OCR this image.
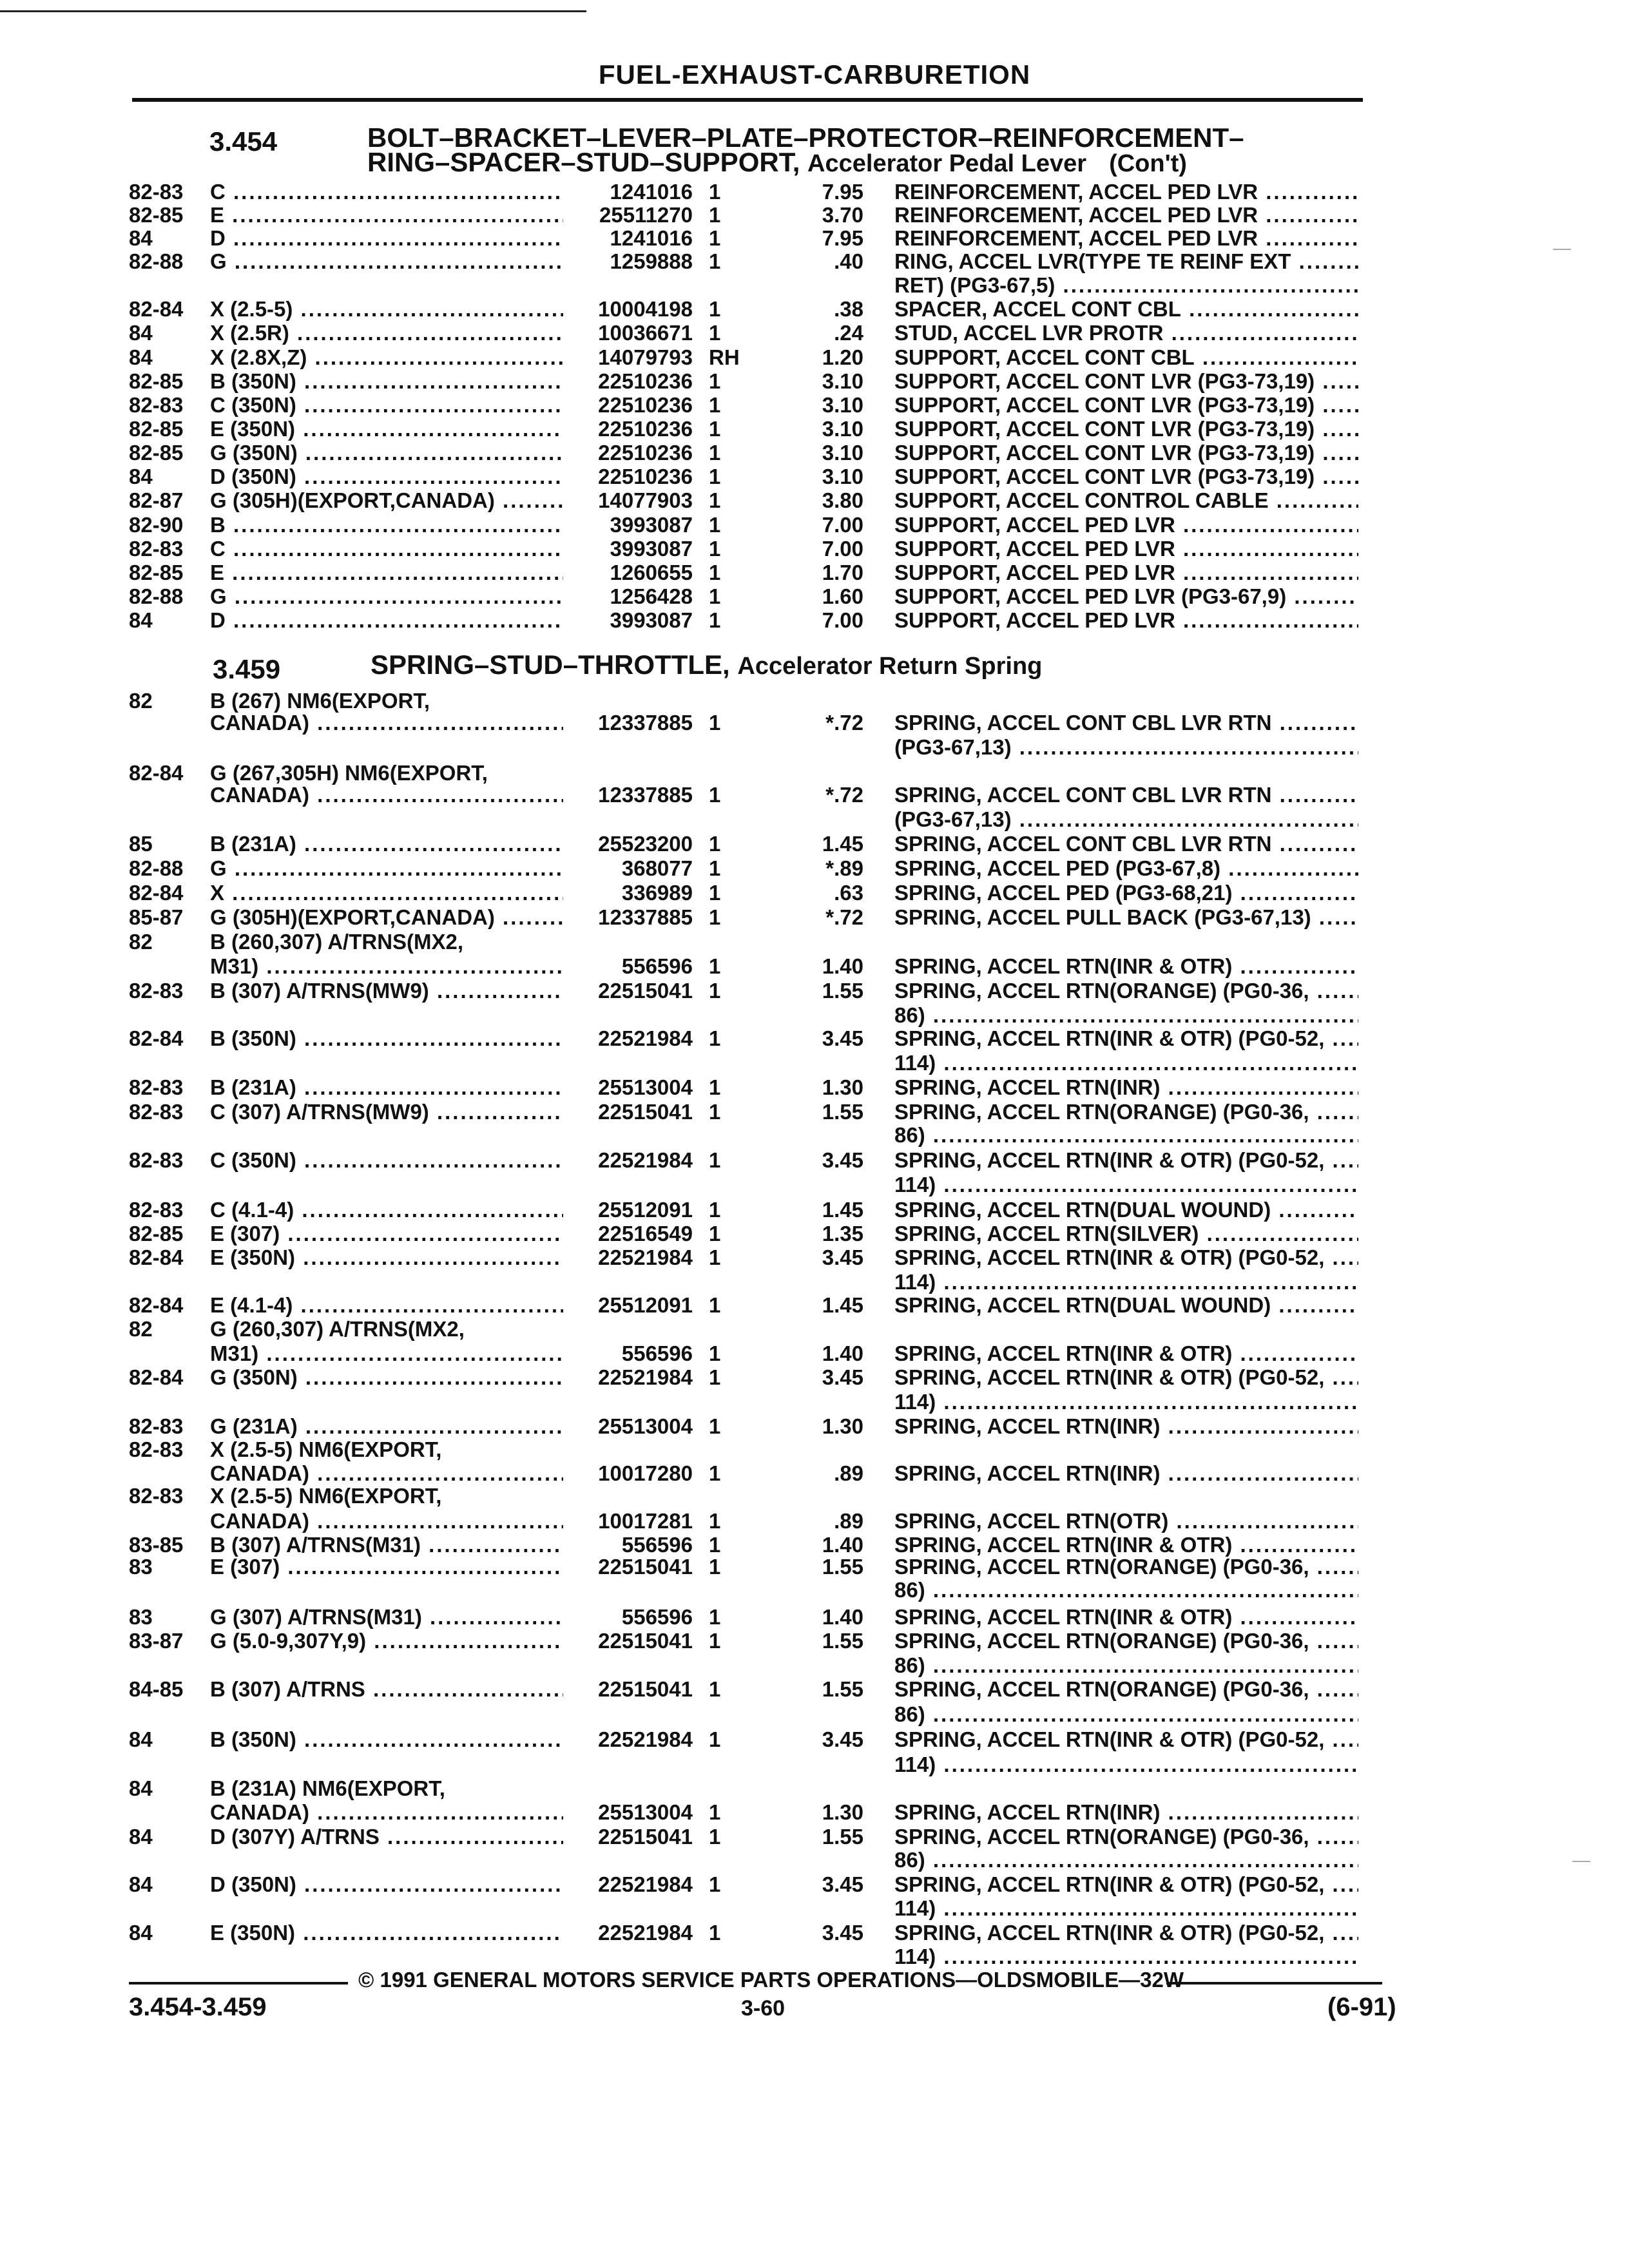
FUEL-EXHAUST-CARBURETION
3.454	BOLT–BRACKET–LEVER–PLATE–PROTECTOR–REINFORCEMENT–
RING–SPACER–STUD–SUPPORT, Accelerator Pedal Lever (Con't)
3.459	SPRING–STUD–THROTTLE, Accelerator Return Spring
82-83 C .....	1241016 1	7.95 REINFORCEMENT, ACCEL PED LVR .....
82-85 E .....	25511270 1	3.70 REINFORCEMENT, ACCEL PED LVR .....
84	D .....	1241016 1	7.95 REINFORCEMENT, ACCEL PED LVR .....
82-88 G .....	1259888 1	.40 RING, ACCEL LVR(TYPE TE REINF EXT .....
RET) (PG3-67,5) .....
82-84 X (2.5-5) .....	10004198 1	.38 SPACER, ACCEL CONT CBL .....
84	X (2.5R) .....	10036671 1	.24 STUD, ACCEL LVR PROTR .....
84	X (2.8X,Z) .....	14079793 RH	1.20 SUPPORT, ACCEL CONT CBL .....
82-85 B (350N) .....	22510236 1	3.10 SUPPORT, ACCEL CONT LVR (PG3-73,19) .....
82-83 C (350N) .....	22510236 1	3.10 SUPPORT, ACCEL CONT LVR (PG3-73,19) .....
82-85 E (350N) .....	22510236 1	3.10 SUPPORT, ACCEL CONT LVR (PG3-73,19) .....
82-85 G (350N) .....	22510236 1	3.10 SUPPORT, ACCEL CONT LVR (PG3-73,19) .....
84	D (350N) .....	22510236 1	3.10 SUPPORT, ACCEL CONT LVR (PG3-73,19) .....
82-87 G (305H)(EXPORT,CANADA) .....	14077903 1	3.80 SUPPORT, ACCEL CONTROL CABLE .....
82-90 B .....	3993087 1	7.00 SUPPORT, ACCEL PED LVR .....
82-83 C .....	3993087 1	7.00 SUPPORT, ACCEL PED LVR .....
82-85 E .....	1260655 1	1.70 SUPPORT, ACCEL PED LVR .....
82-88 G .....	1256428 1	1.60 SUPPORT, ACCEL PED LVR (PG3-67,9) .....
84	D .....	3993087 1	7.00 SUPPORT, ACCEL PED LVR .....
82	B (267) NM6(EXPORT,
CANADA) .....	12337885 1	*.72 SPRING, ACCEL CONT CBL LVR RTN .....
(PG3-67,13) .....
82-84 G (267,305H) NM6(EXPORT,
CANADA) .....	12337885 1	*.72 SPRING, ACCEL CONT CBL LVR RTN .....
(PG3-67,13) .....
85	B (231A) .....	25523200 1	1.45 SPRING, ACCEL CONT CBL LVR RTN .....
82-88 G .....	368077 1	*.89 SPRING, ACCEL PED (PG3-67,8) .....
82-84 X .....	336989 1	.63 SPRING, ACCEL PED (PG3-68,21) .....
85-87 G (305H)(EXPORT,CANADA) .....	12337885 1	*.72 SPRING, ACCEL PULL BACK (PG3-67,13) .....
82	B (260,307) A/TRNS(MX2,
M31) .....	556596 1	1.40 SPRING, ACCEL RTN(INR & OTR) .....
82-83 B (307) A/TRNS(MW9) .....	22515041 1	1.55 SPRING, ACCEL RTN(ORANGE) (PG0-36, .....
86) .....
82-84 B (350N) .....	22521984 1	3.45 SPRING, ACCEL RTN(INR & OTR) (PG0-52, .....
114) .....
82-83 B (231A) .....	25513004 1	1.30 SPRING, ACCEL RTN(INR) .....
82-83 C (307) A/TRNS(MW9) .....	22515041 1	1.55 SPRING, ACCEL RTN(ORANGE) (PG0-36, .....
86) .....
82-83 C (350N) .....	22521984 1	3.45 SPRING, ACCEL RTN(INR & OTR) (PG0-52, .....
114) .....
82-83 C (4.1-4) .....	25512091 1	1.45 SPRING, ACCEL RTN(DUAL WOUND) .....
82-85 E (307) .....	22516549 1	1.35 SPRING, ACCEL RTN(SILVER) .....
82-84 E (350N) .....	22521984 1	3.45 SPRING, ACCEL RTN(INR & OTR) (PG0-52, .....
114) .....
82-84 E (4.1-4) .....	25512091 1	1.45 SPRING, ACCEL RTN(DUAL WOUND) .....
82	G (260,307) A/TRNS(MX2,
M31) .....	556596 1	1.40 SPRING, ACCEL RTN(INR & OTR) .....
82-84 G (350N) .....	22521984 1	3.45 SPRING, ACCEL RTN(INR & OTR) (PG0-52, .....
114) .....
82-83 G (231A) .....	25513004 1	1.30 SPRING, ACCEL RTN(INR) .....
82-83 X (2.5-5) NM6(EXPORT,
CANADA) .....	10017280 1	.89 SPRING, ACCEL RTN(INR) .....
82-83 X (2.5-5) NM6(EXPORT,
CANADA) .....	10017281 1	.89 SPRING, ACCEL RTN(OTR) .....
83-85 B (307) A/TRNS(M31) .....	556596 1	1.40 SPRING, ACCEL RTN(INR & OTR) .....
83	E (307) .....	22515041 1	1.55 SPRING, ACCEL RTN(ORANGE) (PG0-36, .....
86) .....
83	G (307) A/TRNS(M31) .....	556596 1	1.40 SPRING, ACCEL RTN(INR & OTR) .....
83-87 G (5.0-9,307Y,9) .....	22515041 1	1.55 SPRING, ACCEL RTN(ORANGE) (PG0-36, .....
86) .....
84-85 B (307) A/TRNS .....	22515041 1	1.55 SPRING, ACCEL RTN(ORANGE) (PG0-36, .....
86) .....
84	B (350N) .....	22521984 1	3.45 SPRING, ACCEL RTN(INR & OTR) (PG0-52, .....
114) .....
84	B (231A) NM6(EXPORT,
CANADA) .....	25513004 1	1.30 SPRING, ACCEL RTN(INR) .....
84	D (307Y) A/TRNS .....	22515041 1	1.55 SPRING, ACCEL RTN(ORANGE) (PG0-36, .....
86) .....
84	D (350N) .....	22521984 1	3.45 SPRING, ACCEL RTN(INR & OTR) (PG0-52, .....
114) .....
84	E (350N) .....	22521984 1	3.45 SPRING, ACCEL RTN(INR & OTR) (PG0-52, .....
114) .....
© 1991 GENERAL MOTORS SERVICE PARTS OPERATIONS—OLDSMOBILE—32W
3.454-3.459	3-60	(6-91)
